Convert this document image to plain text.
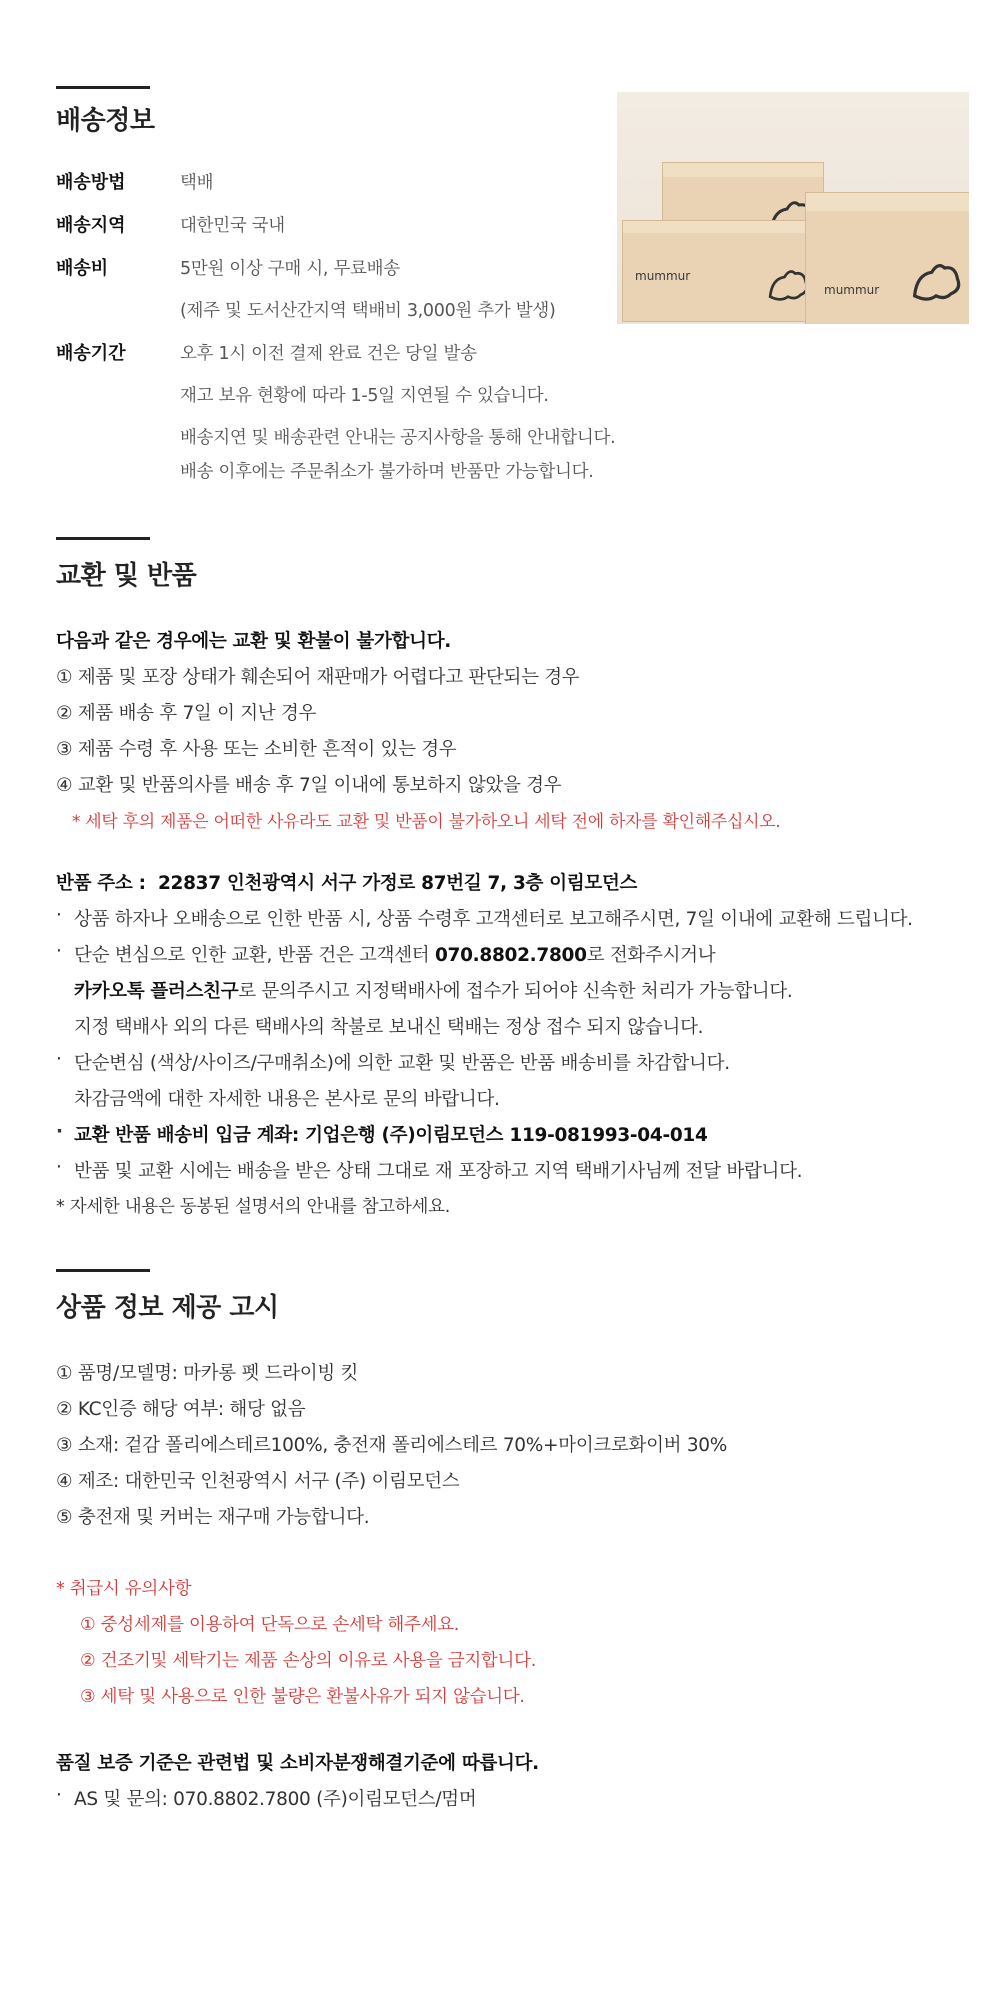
배송정보
배송방법	택배
배송지역	대한민국 국내
배송비	5만원 이상 구매 시, 무료배송
(제주 및 도서산간지역 택배비 3,000원 추가 발생)
배송기간	오후 1시 이전 결제 완료 건은 당일 발송
재고 보유 현황에 따라 1-5일 지연될 수 있습니다.
배송지연 및 배송관련 안내는 공지사항을 통해 안내합니다.
배송 이후에는 주문취소가 불가하며 반품만 가능합니다.
mummur
mummur
교환 및 반품
다음과 같은 경우에는 교환 및 환불이 불가합니다.
① 제품 및 포장 상태가 훼손되어 재판매가 어렵다고 판단되는 경우
② 제품 배송 후 7일 이 지난 경우
③ 제품 수령 후 사용 또는 소비한 흔적이 있는 경우
④ 교환 및 반품의사를 배송 후 7일 이내에 통보하지 않았을 경우
* 세탁 후의 제품은 어떠한 사유라도 교환 및 반품이 불가하오니 세탁 전에 하자를 확인해주십시오.
반품 주소 : 22837 인천광역시 서구 가정로 87번길 7, 3층 이림모던스
· 상품 하자나 오배송으로 인한 반품 시, 상품 수령후 고객센터로 보고해주시면, 7일 이내에 교환해 드립니다.
· 단순 변심으로 인한 교환, 반품 건은 고객센터 070.8802.7800로 전화주시거나
카카오톡 플러스친구로 문의주시고 지정택배사에 접수가 되어야 신속한 처리가 가능합니다.
지정 택배사 외의 다른 택배사의 착불로 보내신 택배는 정상 접수 되지 않습니다.
· 단순변심 (색상/사이즈/구매취소)에 의한 교환 및 반품은 반품 배송비를 차감합니다.
차감금액에 대한 자세한 내용은 본사로 문의 바랍니다.
· 교환 반품 배송비 입금 계좌: 기업은행 (주)이림모던스 119-081993-04-014
· 반품 및 교환 시에는 배송을 받은 상태 그대로 재 포장하고 지역 택배기사님께 전달 바랍니다.
* 자세한 내용은 동봉된 설명서의 안내를 참고하세요.
상품 정보 제공 고시
① 품명/모델명: 마카롱 펫 드라이빙 킷
② KC인증 해당 여부: 해당 없음
③ 소재: 겉감 폴리에스테르100%, 충전재 폴리에스테르 70%+마이크로화이버 30%
④ 제조: 대한민국 인천광역시 서구 (주) 이림모던스
⑤ 충전재 및 커버는 재구매 가능합니다.
* 취급시 유의사항
① 중성세제를 이용하여 단독으로 손세탁 해주세요.
② 건조기및 세탁기는 제품 손상의 이유로 사용을 금지합니다.
③ 세탁 및 사용으로 인한 불량은 환불사유가 되지 않습니다.
품질 보증 기준은 관련법 및 소비자분쟁해결기준에 따릅니다.
· AS 및 문의: 070.8802.7800 (주)이림모던스/멈머
